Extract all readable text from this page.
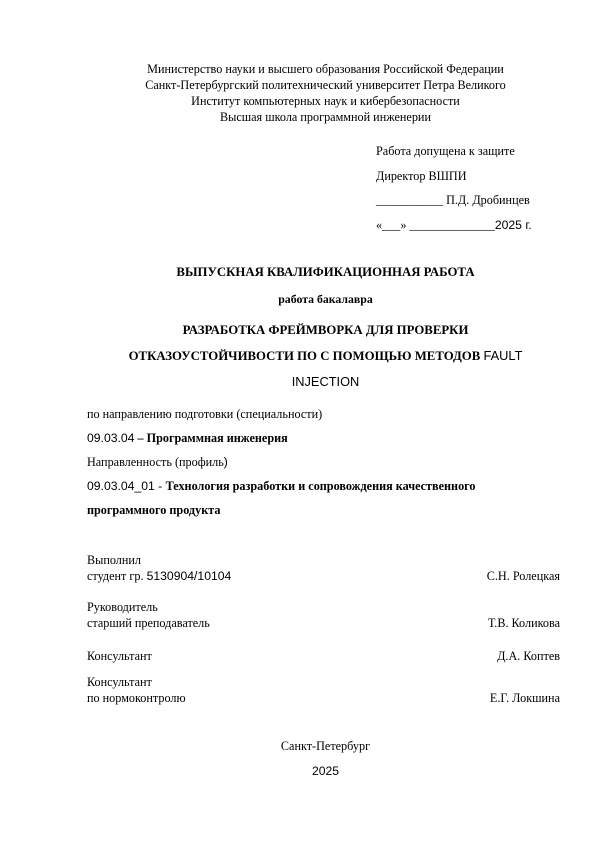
Министерство науки и высшего образования Российской Федерации
Санкт-Петербургский политехнический университет Петра Великого
Институт компьютерных наук и кибербезопасности
Высшая школа программной инженерии
Работа допущена к защите
Директор ВШПИ
___________ П.Д. Дробинцев
«___» ______________2025 г.
ВЫПУСКНАЯ КВАЛИФИКАЦИОННАЯ РАБОТА
работа бакалавра
РАЗРАБОТКА ФРЕЙМВОРКА ДЛЯ ПРОВЕРКИ
ОТКАЗОУСТОЙЧИВОСТИ ПО С ПОМОЩЬЮ МЕТОДОВ FAULT
INJECTION
по направлению подготовки (специальности)
09.03.04 – Программная инженерия
Направленность (профиль)
09.03.04_01 - Технология разработки и сопровождения качественного
программного продукта
Выполнил
студент гр. 5130904/10104	С.Н. Ролецкая
Руководитель
старший преподаватель	Т.В. Коликова
Консультант	Д.А. Коптев
Консультант
по нормоконтролю	Е.Г. Локшина
Санкт-Петербург
2025
